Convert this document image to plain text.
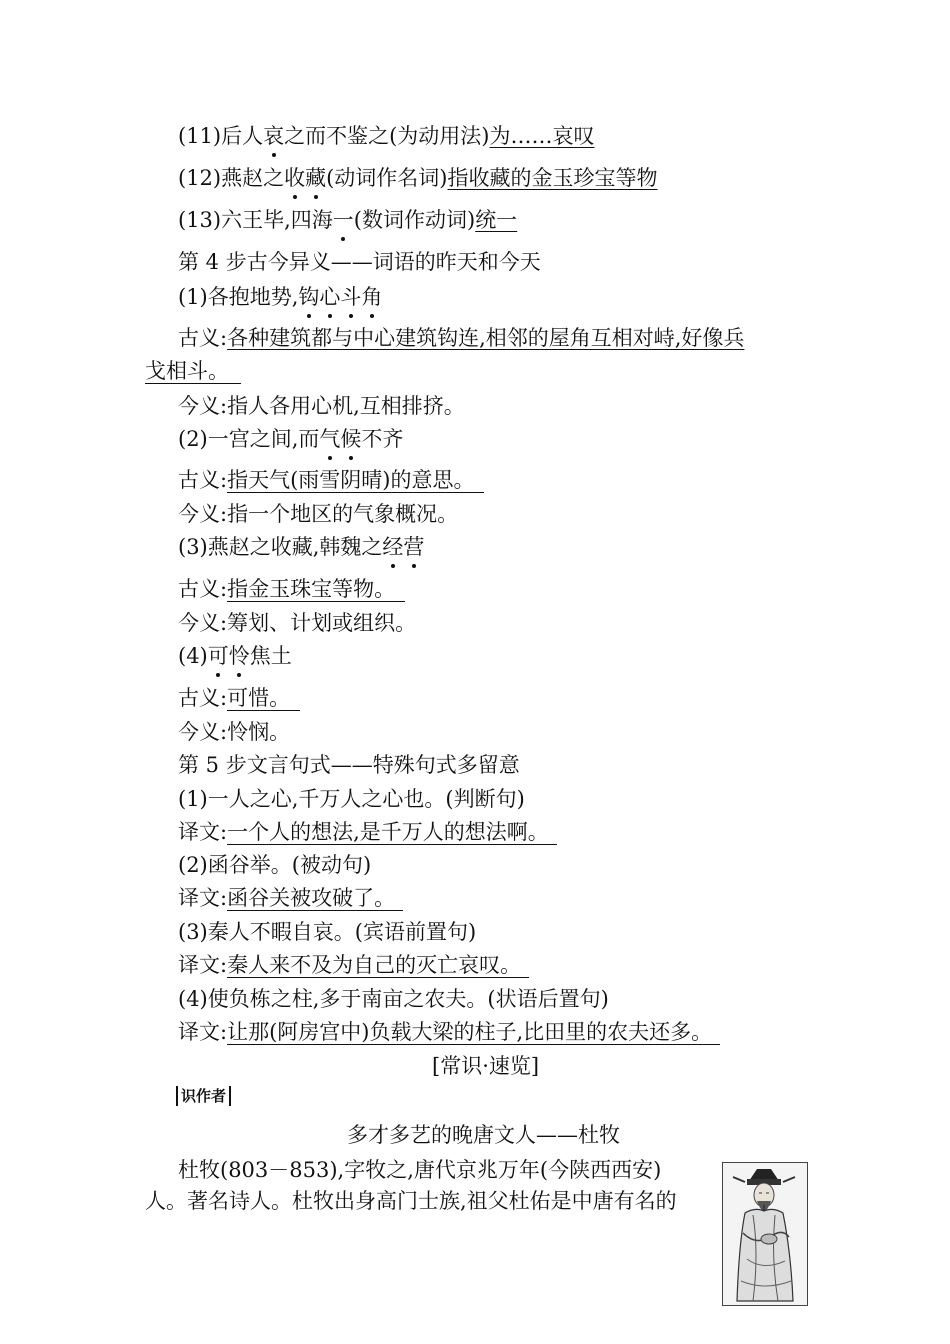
(11)后人哀之而不鉴之(为动用法)为……哀叹
(12)燕赵之收藏(动词作名词)指收藏的金玉珍宝等物
(13)六王毕,四海一(数词作动词)统一
第 4 步古今异义——词语的昨天和今天
(1)各抱地势,钩心斗角
古义:各种建筑都与中心建筑钩连,相邻的屋角互相对峙,好像兵
戈相斗。
今义:指人各用心机,互相排挤。
(2)一宫之间,而气候不齐
古义:指天气(雨雪阴晴)的意思。
今义:指一个地区的气象概况。
(3)燕赵之收藏,韩魏之经营
古义:指金玉珠宝等物。
今义:筹划、计划或组织。
(4)可怜焦土
古义:可惜。
今义:怜悯。
第 5 步文言句式——特殊句式多留意
(1)一人之心,千万人之心也。(判断句)
译文:一个人的想法,是千万人的想法啊。
(2)函谷举。(被动句)
译文:函谷关被攻破了。
(3)秦人不暇自哀。(宾语前置句)
译文:秦人来不及为自己的灭亡哀叹。
(4)使负栋之柱,多于南亩之农夫。(状语后置句)
译文:让那(阿房宫中)负载大梁的柱子,比田里的农夫还多。
[常识·速览]
识作者
多才多艺的晚唐文人——杜牧
杜牧(803－853),字牧之,唐代京兆万年(今陕西西安)
人。著名诗人。杜牧出身高门士族,祖父杜佑是中唐有名的
